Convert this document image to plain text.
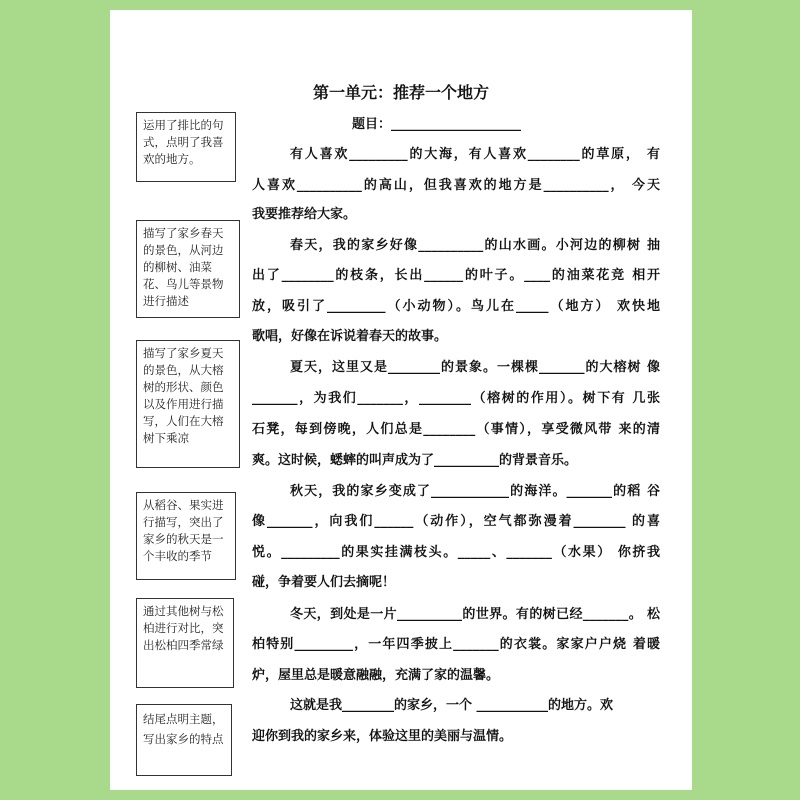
第一单元：推荐一个地方
题目：____________________
运用了排比的句式，点明了我喜欢的地方。
描写了家乡春天的景色，从河边的柳树、油菜花、鸟儿等景物进行描述
描写了家乡夏天的景色，从大榕树的形状、颜色以及作用进行描写，人们在大榕树下乘凉
从稻谷、果实进行描写，突出了家乡的秋天是一个丰收的季节
通过其他树与松柏进行对比，突出松柏四季常绿
结尾点明主题，写出家乡的特点
有人喜欢_________的大海，有人喜欢________的草原， 有
人喜欢__________的高山，但我喜欢的地方是__________， 今天
我要推荐给大家。
春天，我的家乡好像__________的山水画。小河边的柳树 抽
出了________的枝条，长出______的叶子。____的油菜花竞 相开
放，吸引了_________（小动物）。鸟儿在_____（地方） 欢快地
歌唱，好像在诉说着春天的故事。
夏天，这里又是________的景象。一棵棵_______的大榕树 像
_______，为我们_______，________（榕树的作用）。树下有 几张
石凳，每到傍晚，人们总是________（事情），享受微风带 来的清
爽。这时候，蟋蟀的叫声成为了__________的背景音乐。
秋天，我的家乡变成了____________的海洋。_______的稻 谷
像_______，向我们______（动作），空气都弥漫着________ 的喜
悦。_________的果实挂满枝头。_____、_______（水果） 你挤我
碰，争着要人们去摘呢！
冬天，到处是一片__________的世界。有的树已经_______。 松
柏特别_________，一年四季披上_______的衣裳。家家户户烧 着暖
炉，屋里总是暖意融融，充满了家的温馨。
这就是我________的家乡，一个 ___________的地方。欢
迎你到我的家乡来，体验这里的美丽与温情。
